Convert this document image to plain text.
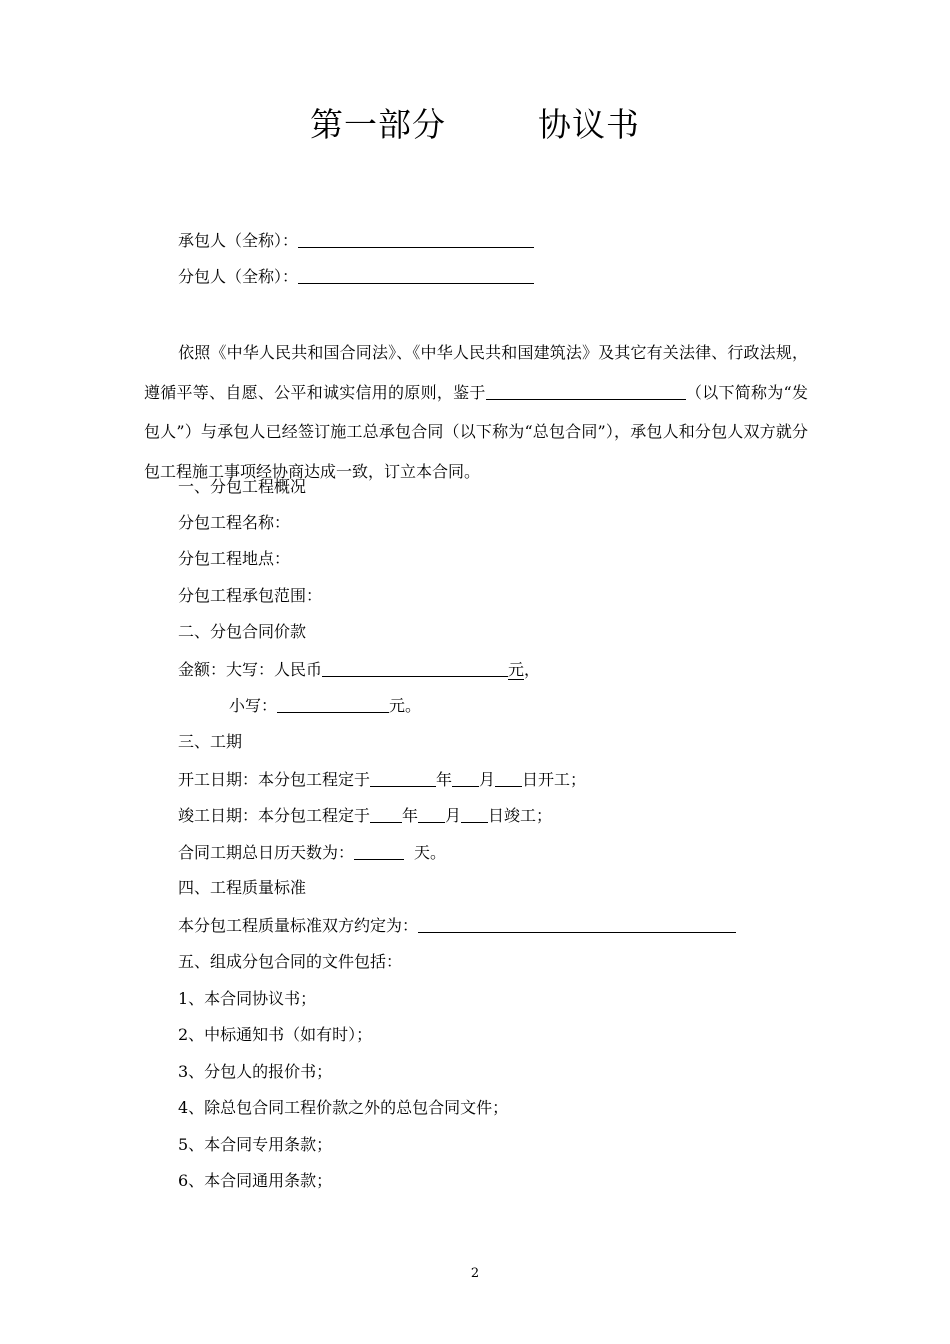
第一部分        协议书
承包人（全称）：
分包人（全称）：
依照《中华人民共和国合同法》、《中华人民共和国建筑法》及其它有关法律、行政法规，遵循平等、自愿、公平和诚实信用的原则，鉴于	（以下简称为“发包人”）与承包人已经签订施工总承包合同（以下称为“总包合同”），承包人和分包人双方就分包工程施工事项经协商达成一致，订立本合同。
一、分包工程概况
分包工程名称：
分包工程地点：
分包工程承包范围：
二、分包合同价款
金额：大写：人民币	元，
小写：	元。
三、工期
开工日期：本分包工程定于	年 月 日开工；
竣工日期：本分包工程定于 年 月 日竣工；
合同工期总日历天数为：	天。
四、工程质量标准
本分包工程质量标准双方约定为：
五、组成分包合同的文件包括：
1、本合同协议书；
2、中标通知书（如有时）；
3、分包人的报价书；
4、除总包合同工程价款之外的总包合同文件；
5、本合同专用条款；
6、本合同通用条款；
2
